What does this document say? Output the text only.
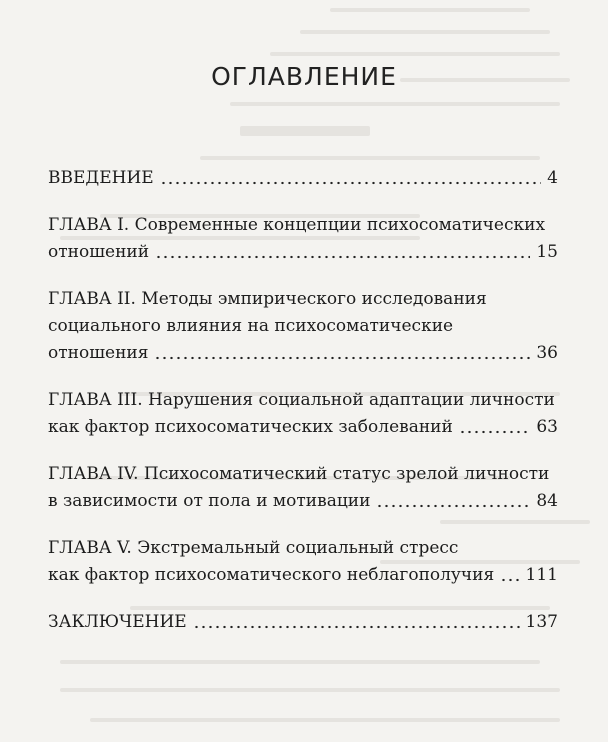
ОГЛАВЛЕНИЕ
ВВЕДЕНИЕ	4
ГЛАВА I. Современные концепции психосоматических
отношений	15
ГЛАВА II. Методы эмпирического исследования
социального влияния на психосоматические
отношения	36
ГЛАВА III. Нарушения социальной адаптации личности
как фактор психосоматических заболеваний	63
ГЛАВА IV. Психосоматический статус зрелой личности
в зависимости от пола и мотивации	84
ГЛАВА V. Экстремальный социальный стресс
как фактор психосоматического неблагополучия 111
ЗАКЛЮЧЕНИЕ	137
